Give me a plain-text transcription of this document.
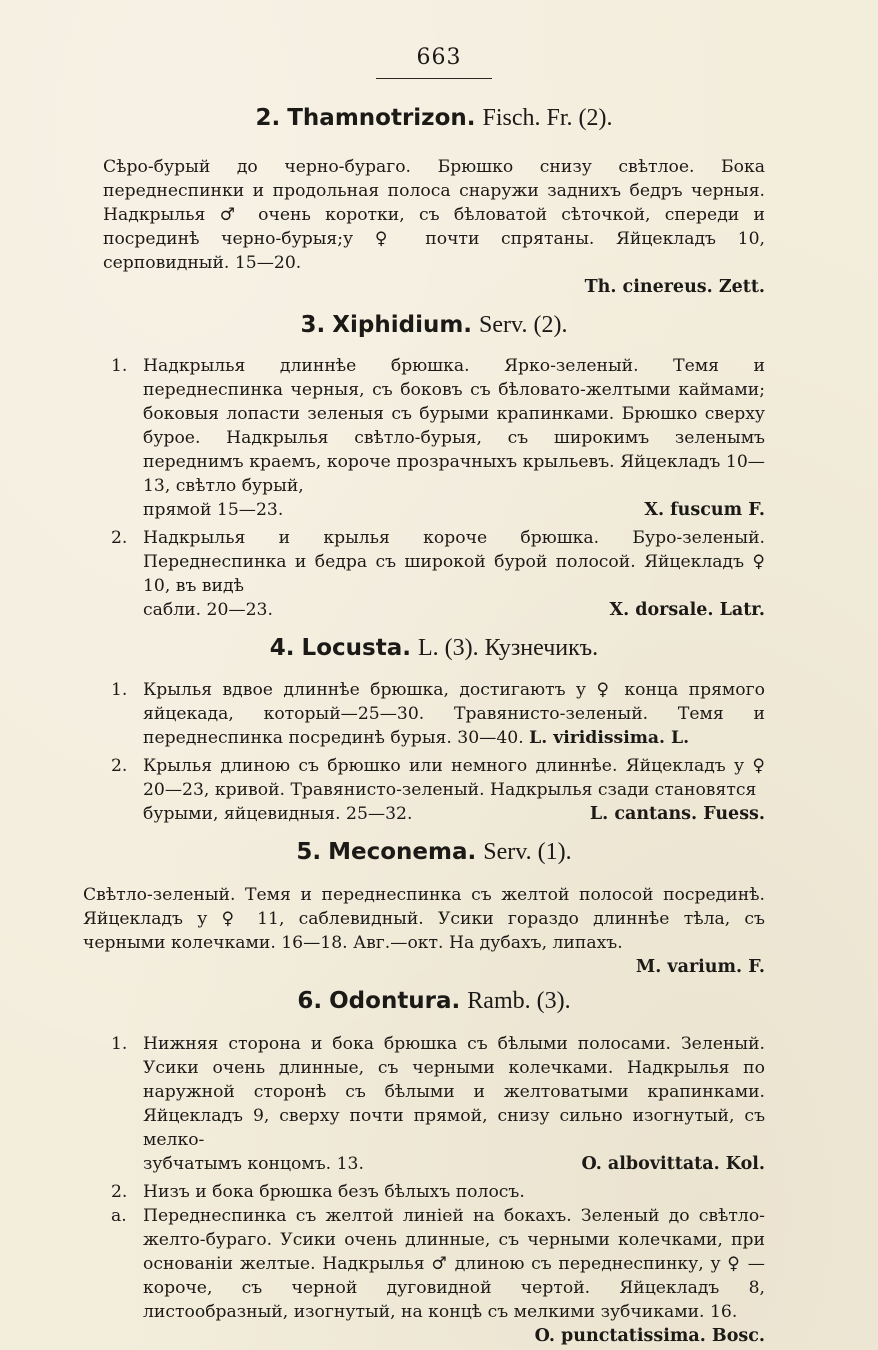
663

2. Thamnotrizon. Fisch. Fr. (2).

Сѣро-бурый до черно-бураго. Брюшко снизу свѣтлое. Бока переднеспинки и продольная полоса снаружи заднихъ бедръ черныя. Надкрылья ♂ очень коротки, съ бѣловатой сѣточкой, спереди и посрединѣ черно-бурыя;у ♀ почти спрятаны. Яйцекладъ 10, серповидный. 15—20.

Th. cinereus. Zett.

3. Xiphidium. Serv. (2).

1. Надкрылья длиннѣе брюшка. Ярко-зеленый. Темя и переднеспинка черныя, съ боковъ съ бѣловато-желтыми каймами; боковыя лопасти зеленыя съ бурыми крапинками. Брюшко сверху бурое. Надкрылья свѣтло-бурыя, съ широкимъ зеленымъ переднимъ краемъ, короче прозрачныхъ крыльевъ. Яйцекладъ 10—13, свѣтло бурый,
прямой 15—23.	X. fuscum F.
2. Надкрылья и крылья короче брюшка. Буро-зеленый. Переднеспинка и бедра съ широкой бурой полосой. Яйцекладъ ♀ 10, въ видѣ
сабли. 20—23.	X. dorsale. Latr.

4. Locusta. L. (3). Кузнечикъ.

1. Крылья вдвое длиннѣе брюшка, достигаютъ у ♀ конца прямого яйцекада, который—25—30. Травянисто-зеленый. Темя и переднеспинка посрединѣ бурыя. 30—40. L. viridissima. L.
2. Крылья длиною съ брюшко или немного длиннѣе. Яйцекладъ у ♀ 20—23, кривой. Травянисто-зеленый. Надкрылья сзади становятся
бурыми, яйцевидныя. 25—32.	L. cantans. Fuess.

5. Meconema. Serv. (1).

Свѣтло-зеленый. Темя и переднеспинка съ желтой полосой посрединѣ. Яйцекладъ у ♀ 11, саблевидный. Усики гораздо длиннѣе тѣла, съ черными колечками. 16—18. Авг.—окт. На дубахъ, липахъ.

M. varium. F.

6. Odontura. Ramb. (3).

1. Нижняя сторона и бока брюшка съ бѣлыми полосами. Зеленый. Усики очень длинные, съ черными колечками. Надкрылья по наружной сторонѣ съ бѣлыми и желтоватыми крапинками. Яйцекладъ 9, сверху почти прямой, снизу сильно изогнутый, съ мелко-
зубчатымъ концомъ. 13.	O. albovittata. Kol.
2. Низъ и бока брюшка безъ бѣлыхъ полосъ.
a. Переднеспинка съ желтой линіей на бокахъ. Зеленый до свѣтло-желто-бураго. Усики очень длинные, съ черными колечками, при основаніи желтые. Надкрылья ♂ длиною съ переднеспинку, у ♀ — короче, съ черной дуговидной чертой. Яйцекладъ 8, листообразный, изогнутый, на концѣ съ мелкими зубчиками. 16.
O. punctatissima. Bosc.
